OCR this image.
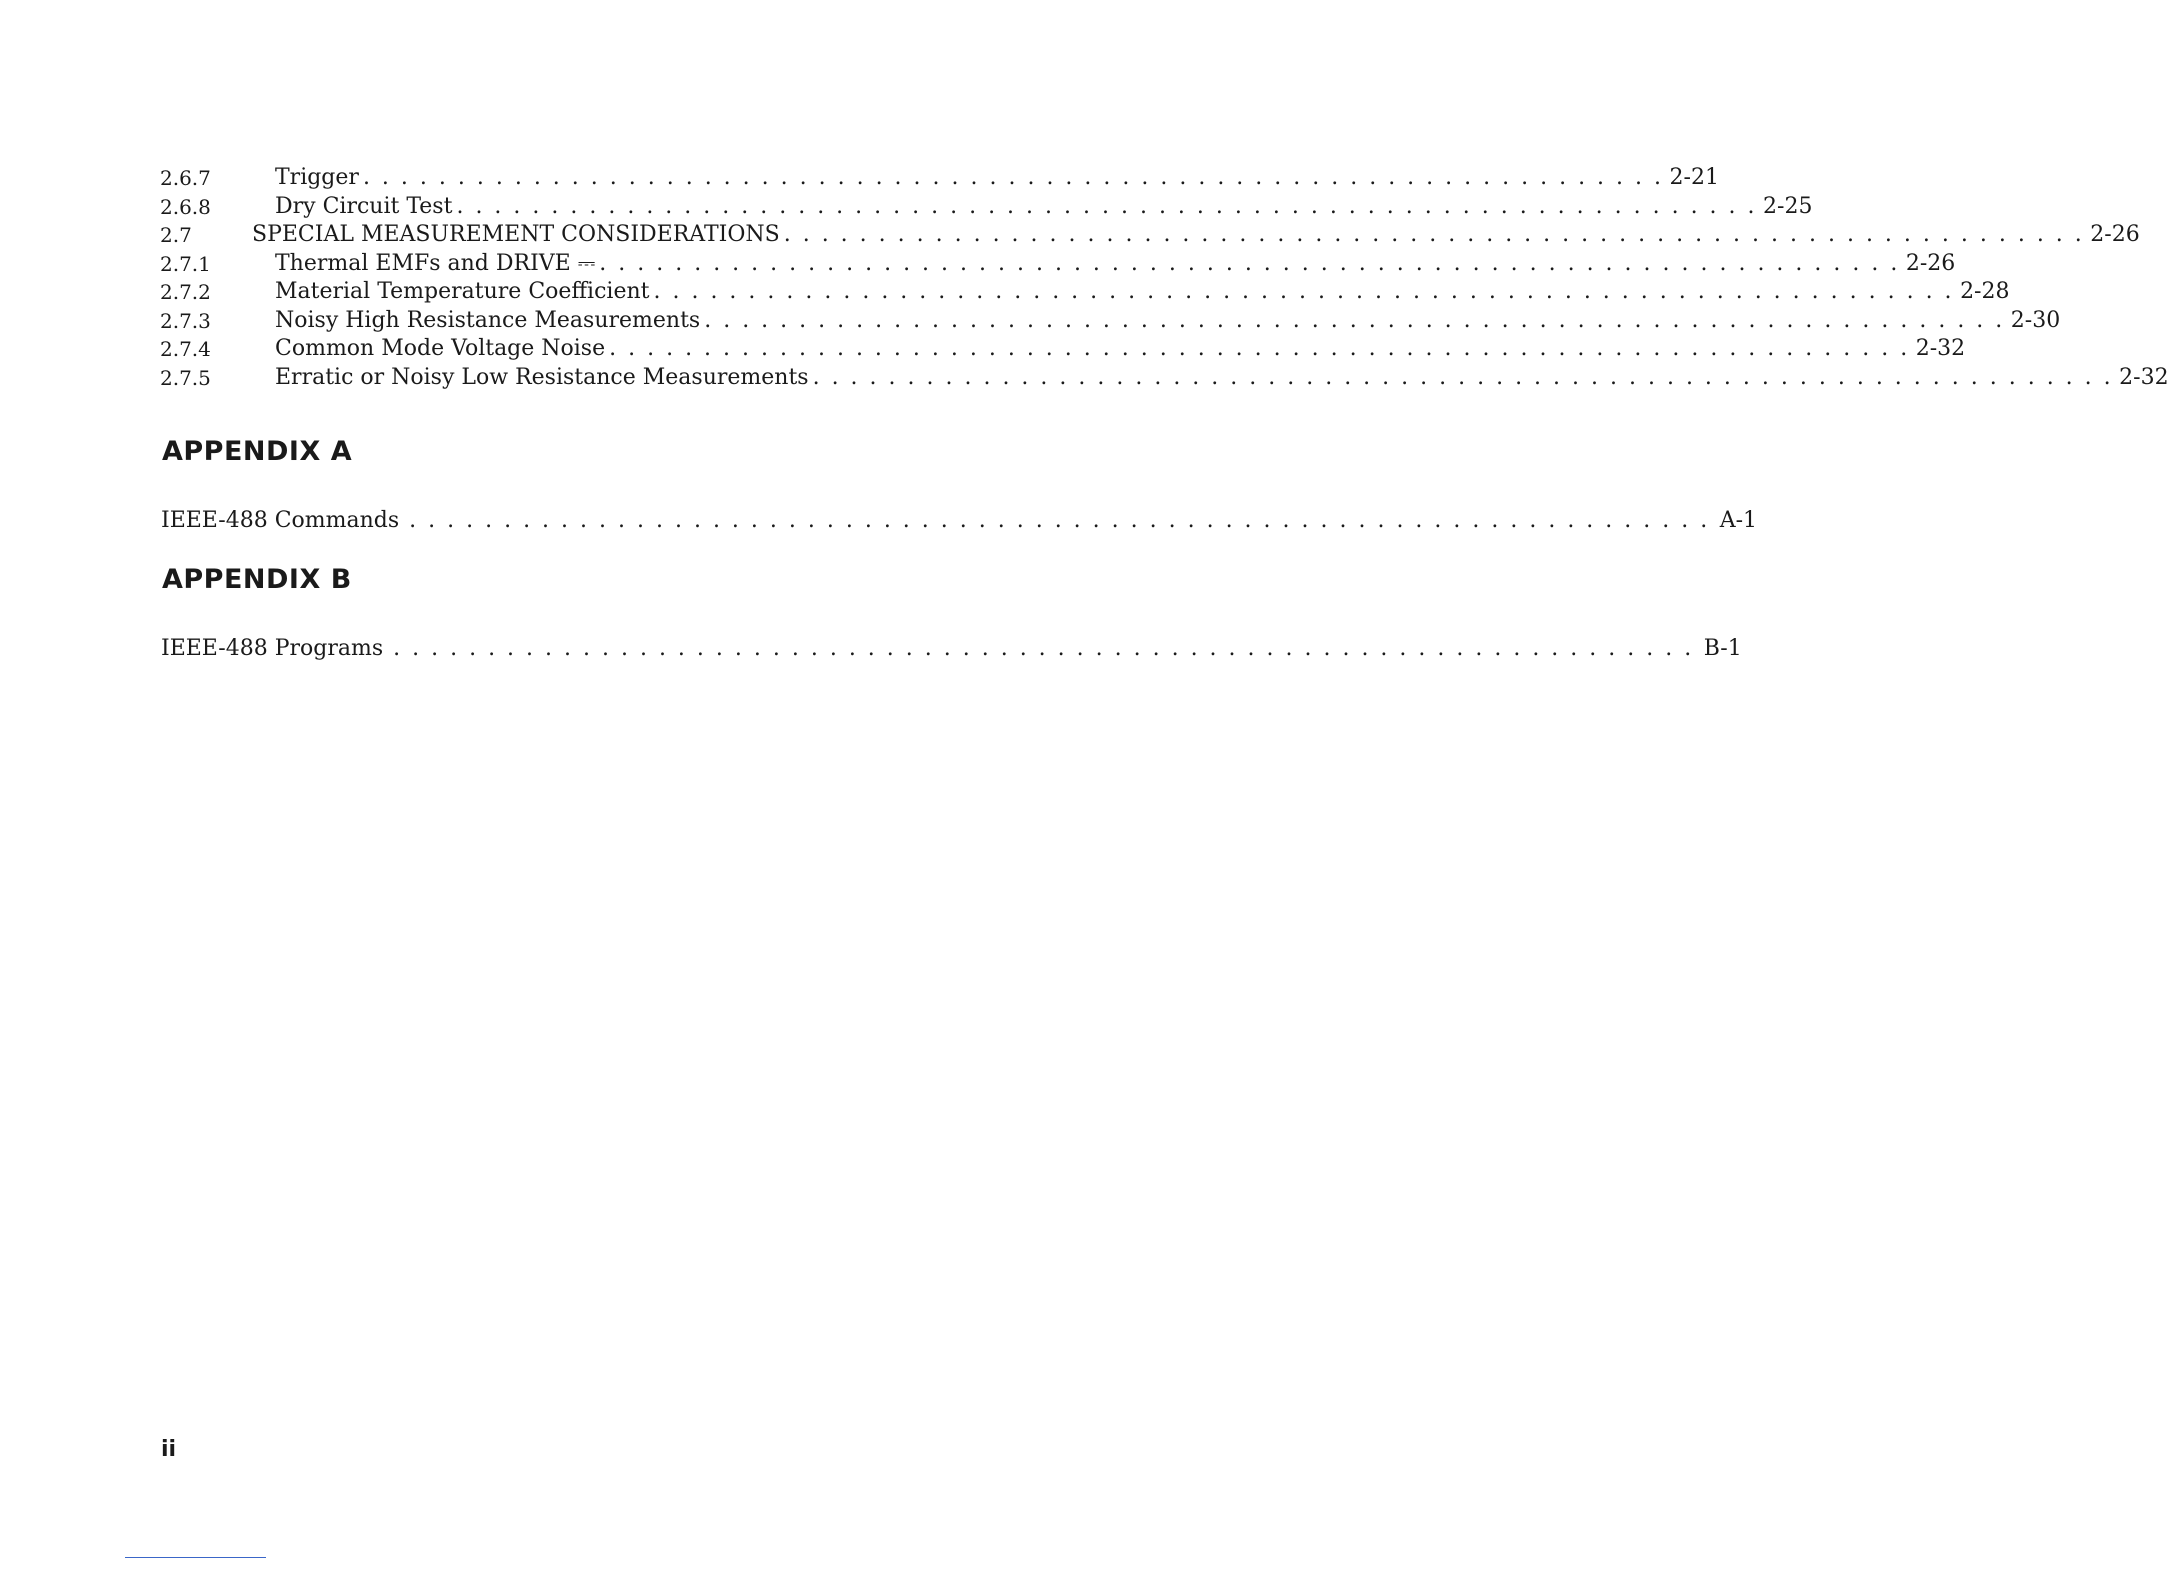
2.6.7	Trigger . . . . . . . . . . . . . . . . . . . . . . . . . . . . . . . . . . . . . . . . . . . . . . . . . . . . . . . . . . . . . . . . . . . . . 2-21
2.6.8	Dry Circuit Test . . . . . . . . . . . . . . . . . . . . . . . . . . . . . . . . . . . . . . . . . . . . . . . . . . . . . . . . . . . . . . . . . . . . . 2-25
2.7	SPECIAL MEASUREMENT CONSIDERATIONS . . . . . . . . . . . . . . . . . . . . . . . . . . . . . . . . . . . . . . . . . . . . . . . . . . . . . . . . . . . . . . . . . . . . . 2-26
2.7.1	Thermal EMFs and DRIVE ⎓ . . . . . . . . . . . . . . . . . . . . . . . . . . . . . . . . . . . . . . . . . . . . . . . . . . . . . . . . . . . . . . . . . . . . . 2-26
2.7.2	Material Temperature Coefficient . . . . . . . . . . . . . . . . . . . . . . . . . . . . . . . . . . . . . . . . . . . . . . . . . . . . . . . . . . . . . . . . . . . . . 2-28
2.7.3	Noisy High Resistance Measurements . . . . . . . . . . . . . . . . . . . . . . . . . . . . . . . . . . . . . . . . . . . . . . . . . . . . . . . . . . . . . . . . . . . . . 2-30
2.7.4	Common Mode Voltage Noise . . . . . . . . . . . . . . . . . . . . . . . . . . . . . . . . . . . . . . . . . . . . . . . . . . . . . . . . . . . . . . . . . . . . . 2-32
2.7.5	Erratic or Noisy Low Resistance Measurements . . . . . . . . . . . . . . . . . . . . . . . . . . . . . . . . . . . . . . . . . . . . . . . . . . . . . . . . . . . . . . . . . . . . . 2-32
APPENDIX A
IEEE-488 Commands . . . . . . . . . . . . . . . . . . . . . . . . . . . . . . . . . . . . . . . . . . . . . . . . . . . . . . . . . . . . . . . . . . . . . A-1
APPENDIX B
IEEE-488 Programs . . . . . . . . . . . . . . . . . . . . . . . . . . . . . . . . . . . . . . . . . . . . . . . . . . . . . . . . . . . . . . . . . . . . . B-1
ii
